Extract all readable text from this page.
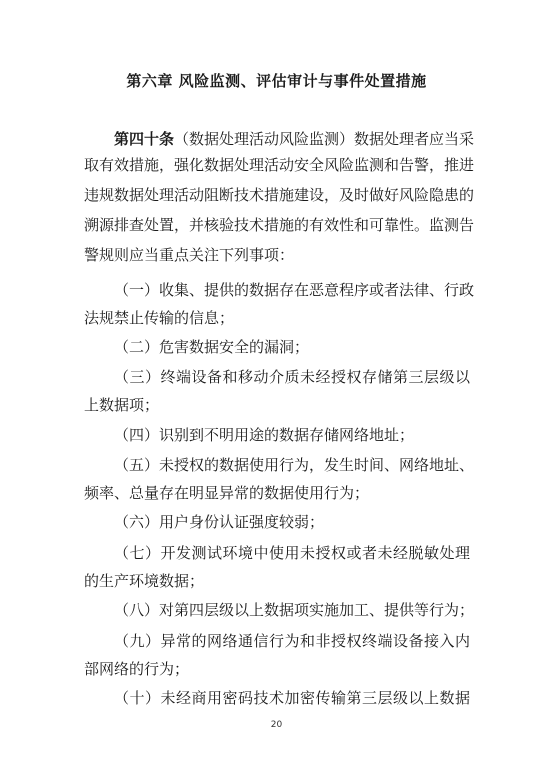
第六章 风险监测、评估审计与事件处置措施
第四十条（数据处理活动风险监测）数据处理者应当采
取有效措施，强化数据处理活动安全风险监测和告警，推进
违规数据处理活动阻断技术措施建设，及时做好风险隐患的
溯源排查处置，并核验技术措施的有效性和可靠性。监测告
警规则应当重点关注下列事项：
（一）收集、提供的数据存在恶意程序或者法律、行政
法规禁止传输的信息；
（二）危害数据安全的漏洞；
（三）终端设备和移动介质未经授权存储第三层级以
上数据项；
（四）识别到不明用途的数据存储网络地址；
（五）未授权的数据使用行为，发生时间、网络地址、
频率、总量存在明显异常的数据使用行为；
（六）用户身份认证强度较弱；
（七）开发测试环境中使用未授权或者未经脱敏处理
的生产环境数据；
（八）对第四层级以上数据项实施加工、提供等行为；
（九）异常的网络通信行为和非授权终端设备接入内
部网络的行为；
（十）未经商用密码技术加密传输第三层级以上数据
20
